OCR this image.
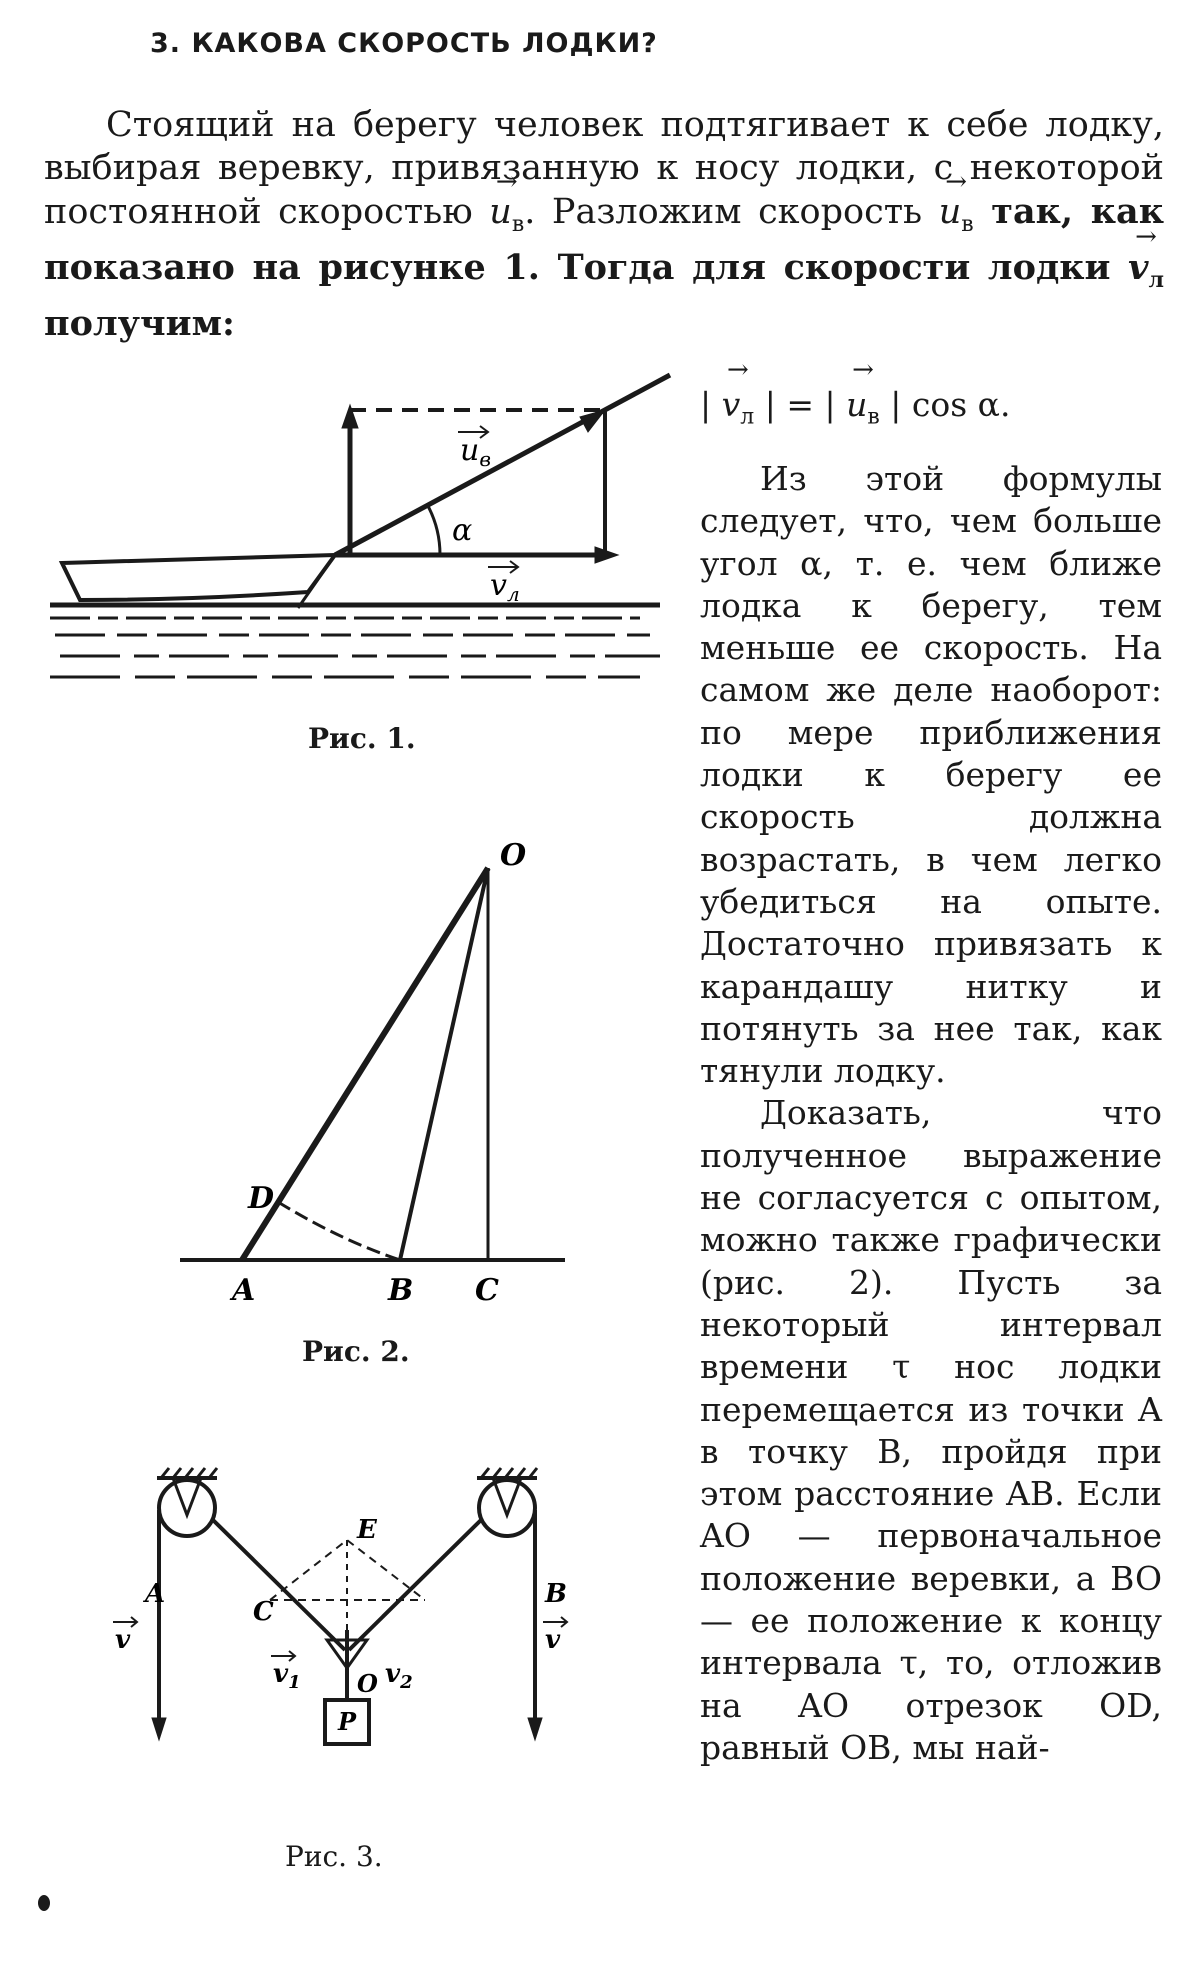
3. КАКОВА СКОРОСТЬ ЛОДКИ?
Стоящий на берегу человек подтягивает к себе лодку, выбирая веревку, привязанную к носу лодки, с некоторой постоянной скоростью → $u_в$. Разложим скорость → $u_в$ так, как показано на рисунке 1. Тогда для скорости лодки → $v_л$ получим:
$u_в$
α
$v_л$
Рис. 1.
O
D
A	B C
Рис. 2.
A	B
C
E
O
P
v	v
$v_1$	$v_2$
Рис. 3.
| → $v_л$ | = | → $u_в$ | cos α.

Из этой формулы следует, что, чем больше угол α, т. е. чем ближе лодка к берегу, тем меньше ее скорость. На самом же деле наоборот: по мере приближения лодки к берегу ее скорость должна возрастать, в чем легко убедиться на опыте. Достаточно привязать к карандашу нитку и потянуть за нее так, как тянули лодку.

Доказать, что полученное выражение не согласуется с опытом, можно также графически (рис. 2). Пусть за некоторый интервал времени τ нос лодки перемещается из точки A в точку B, пройдя при этом расстояние AB. Если AO — первоначальное положение веревки, а BO — ее положение к концу интервала τ, то, отложив на AO отрезок OD, равный OB, мы най-
